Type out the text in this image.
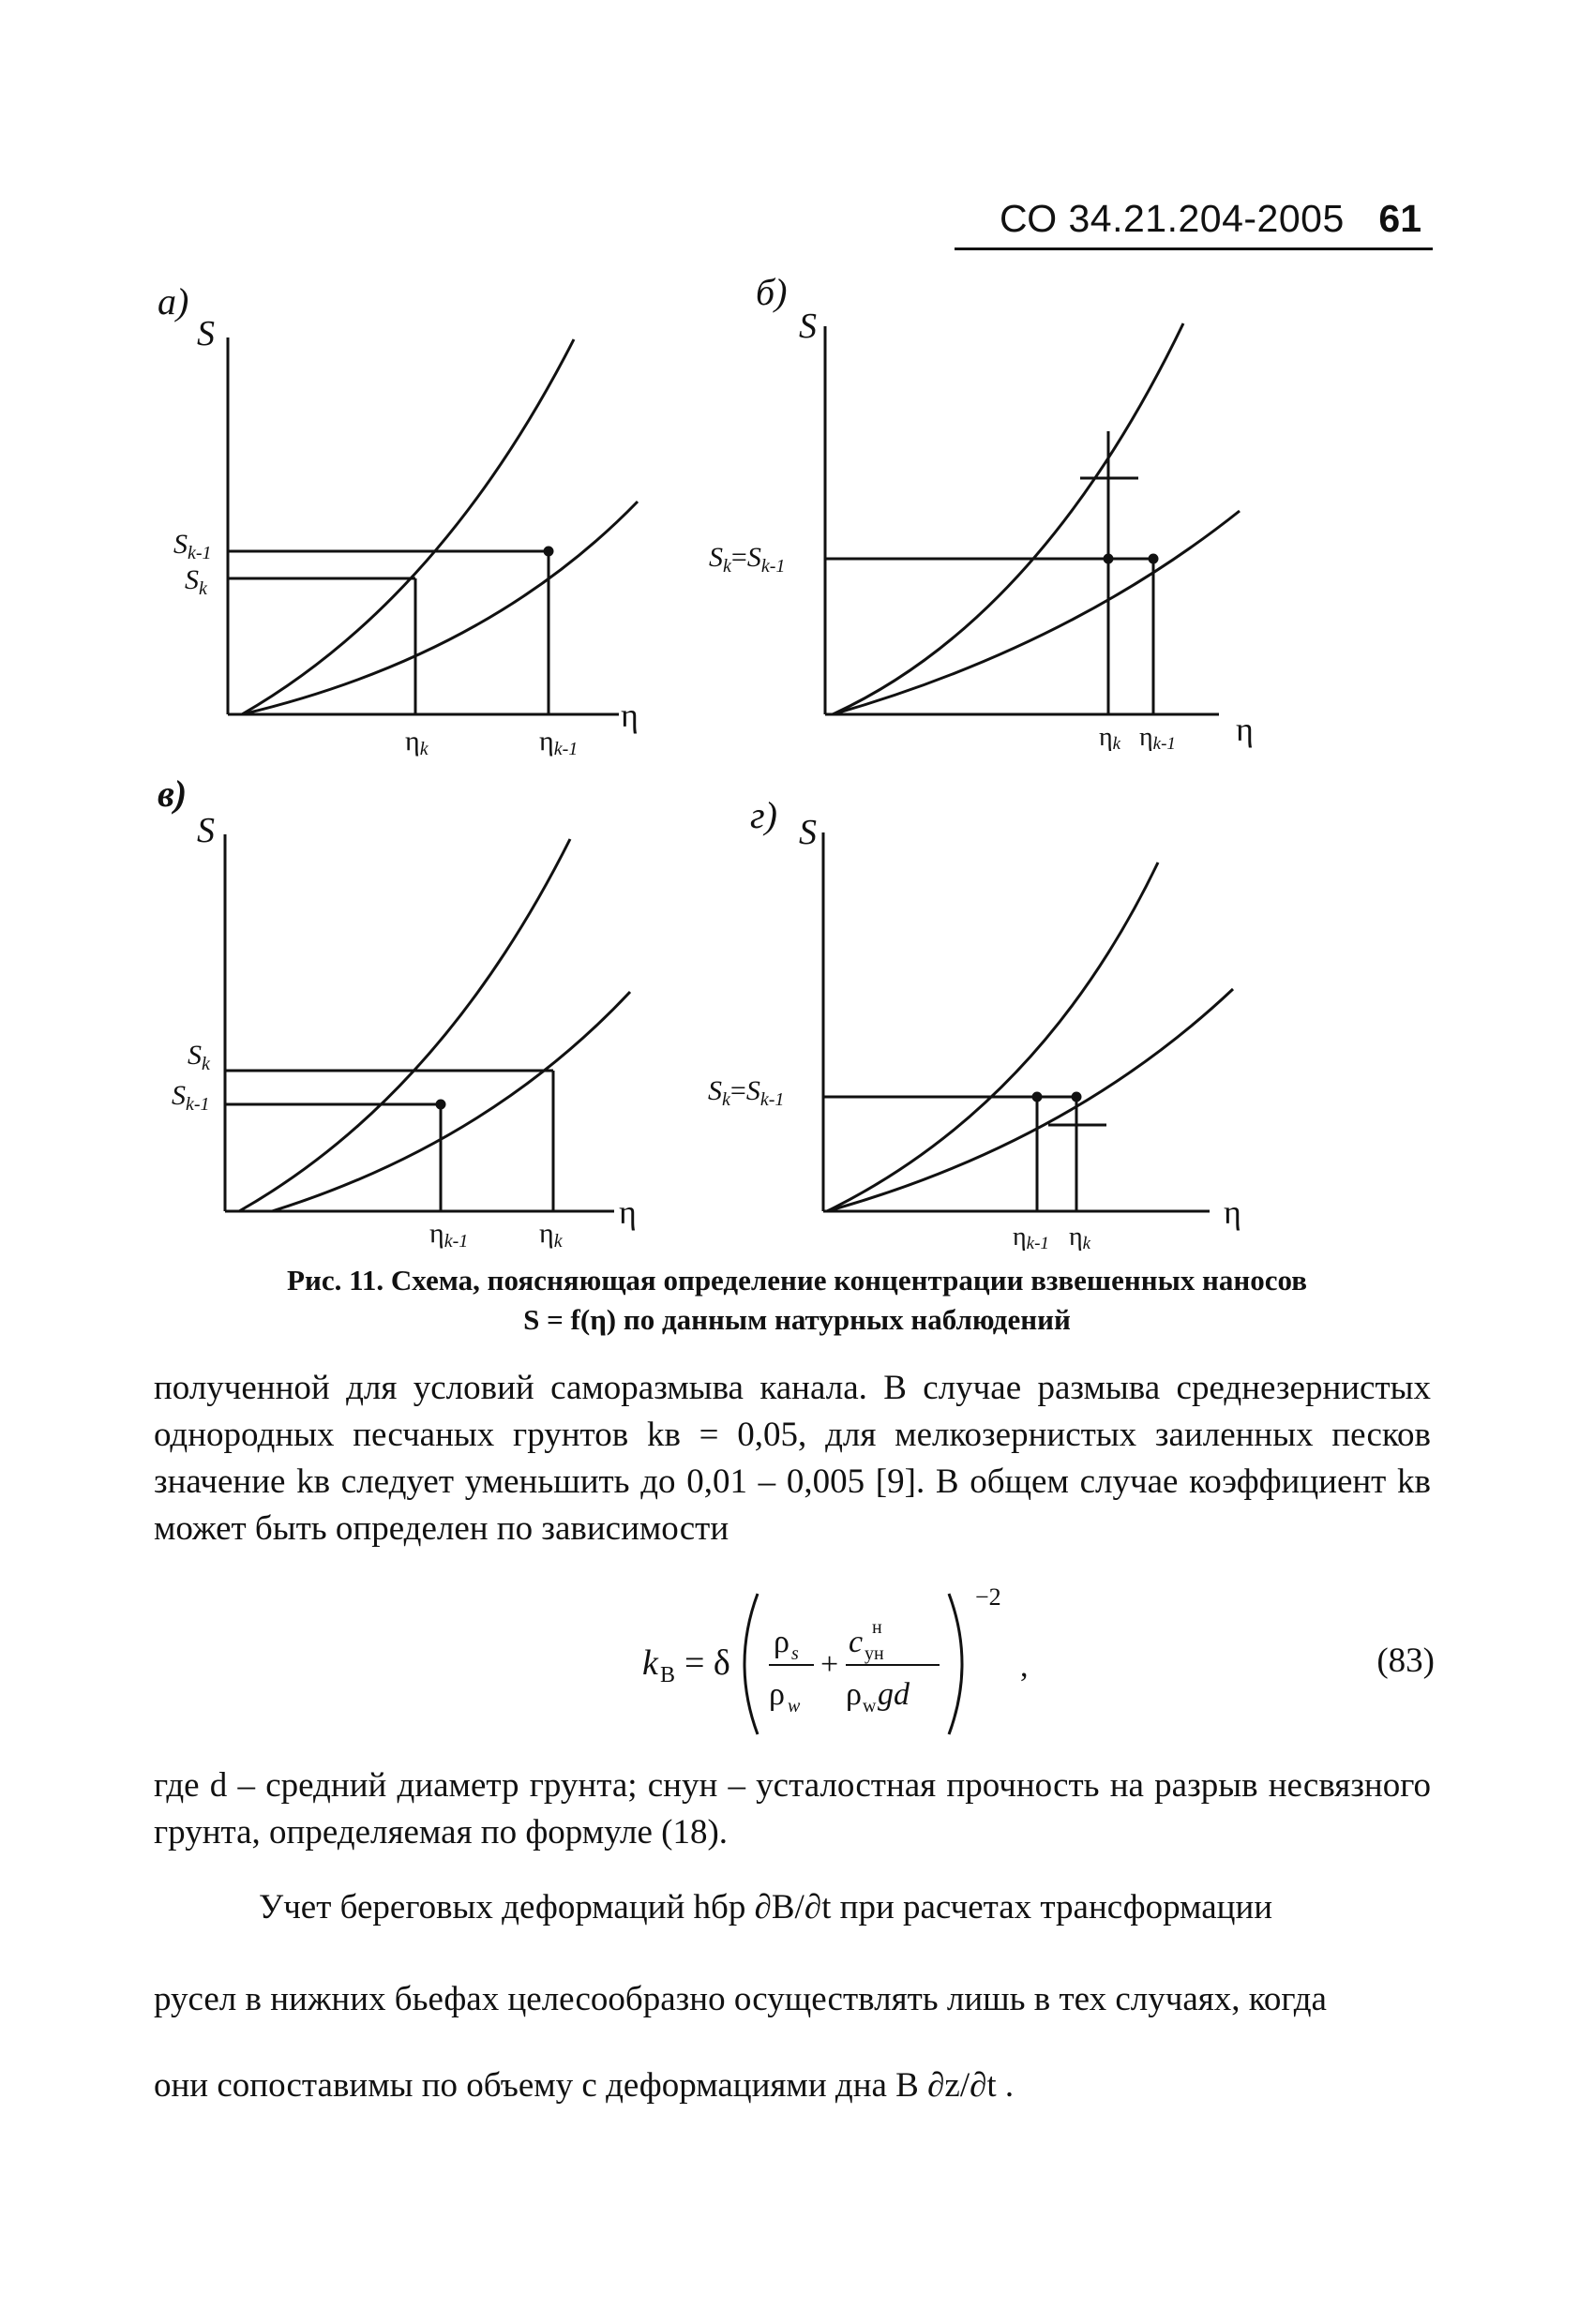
СО 34.21.204-2005 61
а)
S
η
$S_{k-1}$
$S_k$
ηk	ηk-1
б)
S
η
$S_k=S_{k-1}$
ηk ηk-1
в)
S
η
$S_k$
$S_{k-1}$
ηk-1	ηk
г) S
η
$S_k=S_{k-1}$
ηk-1 ηk
Рис. 11. Схема, поясняющая определение концентрации взвешенных наносов
S = f(η) по данным натурных наблюдений
полученной для условий саморазмыва канала. В случае размыва среднезернистых однородных песчаных грунтов kв = 0,05, для мелкозернистых заиленных песков значение kв следует уменьшить до 0,01 – 0,005 [9]. В общем случае коэффициент kв может быть определен по зависимости
k В = δ
ρ s
ρ w
+
н
c ун
ρ w gd
−2
,	(83)
где d – средний диаметр грунта; cнун – усталостная прочность на разрыв несвязного грунта, определяемая по формуле (18).
Учет береговых деформаций hбр ∂B/∂t при расчетах трансформации
русел в нижних бьефах целесообразно осуществлять лишь в тех случаях, когда
они сопоставимы по объему с деформациями дна B ∂z/∂t .
